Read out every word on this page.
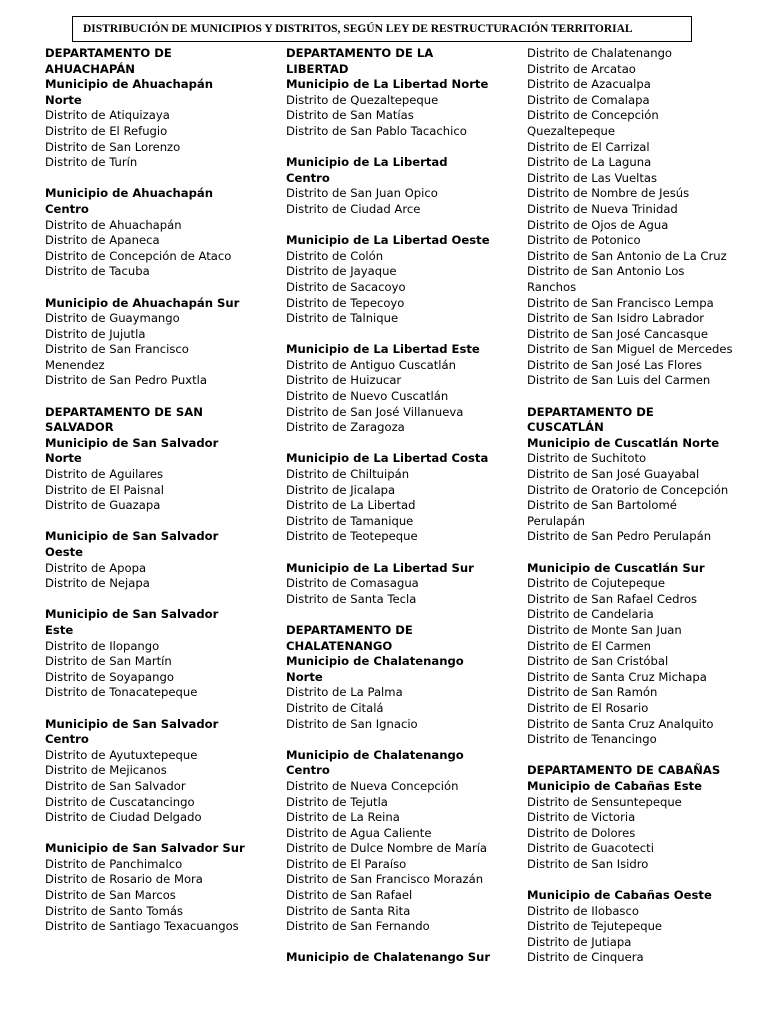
DISTRIBUCIÓN DE MUNICIPIOS Y DISTRITOS, SEGÚN LEY DE RESTRUCTURACIÓN TERRITORIAL
DEPARTAMENTO DE
AHUACHAPÁN
Municipio de Ahuachapán
Norte
Distrito de Atiquizaya
Distrito de El Refugio
Distrito de San Lorenzo
Distrito de Turín
Municipio de Ahuachapán
Centro
Distrito de Ahuachapán
Distrito de Apaneca
Distrito de Concepción de Ataco
Distrito de Tacuba
Municipio de Ahuachapán Sur
Distrito de Guaymango
Distrito de Jujutla
Distrito de San Francisco
Menendez
Distrito de San Pedro Puxtla
DEPARTAMENTO DE SAN
SALVADOR
Municipio de San Salvador
Norte
Distrito de Aguilares
Distrito de El Paisnal
Distrito de Guazapa
Municipio de San Salvador
Oeste
Distrito de Apopa
Distrito de Nejapa
Municipio de San Salvador
Este
Distrito de Ilopango
Distrito de San Martín
Distrito de Soyapango
Distrito de Tonacatepeque
Municipio de San Salvador
Centro
Distrito de Ayutuxtepeque
Distrito de Mejicanos
Distrito de San Salvador
Distrito de Cuscatancingo
Distrito de Ciudad Delgado
Municipio de San Salvador Sur
Distrito de Panchimalco
Distrito de Rosario de Mora
Distrito de San Marcos
Distrito de Santo Tomás
Distrito de Santiago Texacuangos
DEPARTAMENTO DE LA
LIBERTAD
Municipio de La Libertad Norte
Distrito de Quezaltepeque
Distrito de San Matías
Distrito de San Pablo Tacachico
Municipio de La Libertad
Centro
Distrito de San Juan Opico
Distrito de Ciudad Arce
Municipio de La Libertad Oeste
Distrito de Colón
Distrito de Jayaque
Distrito de Sacacoyo
Distrito de Tepecoyo
Distrito de Talnique
Municipio de La Libertad Este
Distrito de Antiguo Cuscatlán
Distrito de Huizucar
Distrito de Nuevo Cuscatlán
Distrito de San José Villanueva
Distrito de Zaragoza
Municipio de La Libertad Costa
Distrito de Chiltuipán
Distrito de Jicalapa
Distrito de La Libertad
Distrito de Tamanique
Distrito de Teotepeque
Municipio de La Libertad Sur
Distrito de Comasagua
Distrito de Santa Tecla
DEPARTAMENTO DE
CHALATENANGO
Municipio de Chalatenango
Norte
Distrito de La Palma
Distrito de Citalá
Distrito de San Ignacio
Municipio de Chalatenango
Centro
Distrito de Nueva Concepción
Distrito de Tejutla
Distrito de La Reina
Distrito de Agua Caliente
Distrito de Dulce Nombre de María
Distrito de El Paraíso
Distrito de San Francisco Morazán
Distrito de San Rafael
Distrito de Santa Rita
Distrito de San Fernando
Municipio de Chalatenango Sur
Distrito de Chalatenango
Distrito de Arcatao
Distrito de Azacualpa
Distrito de Comalapa
Distrito de Concepción
Quezaltepeque
Distrito de El Carrizal
Distrito de La Laguna
Distrito de Las Vueltas
Distrito de Nombre de Jesús
Distrito de Nueva Trinidad
Distrito de Ojos de Agua
Distrito de Potonico
Distrito de San Antonio de La Cruz
Distrito de San Antonio Los
Ranchos
Distrito de San Francisco Lempa
Distrito de San Isidro Labrador
Distrito de San José Cancasque
Distrito de San Miguel de Mercedes
Distrito de San José Las Flores
Distrito de San Luis del Carmen
DEPARTAMENTO DE
CUSCATLÁN
Municipio de Cuscatlán Norte
Distrito de Suchitoto
Distrito de San José Guayabal
Distrito de Oratorio de Concepción
Distrito de San Bartolomé
Perulapán
Distrito de San Pedro Perulapán
Municipio de Cuscatlán Sur
Distrito de Cojutepeque
Distrito de San Rafael Cedros
Distrito de Candelaria
Distrito de Monte San Juan
Distrito de El Carmen
Distrito de San Cristóbal
Distrito de Santa Cruz Michapa
Distrito de San Ramón
Distrito de El Rosario
Distrito de Santa Cruz Analquito
Distrito de Tenancingo
DEPARTAMENTO DE CABAÑAS
Municipio de Cabañas Este
Distrito de Sensuntepeque
Distrito de Victoria
Distrito de Dolores
Distrito de Guacotecti
Distrito de San Isidro
Municipio de Cabañas Oeste
Distrito de Ilobasco
Distrito de Tejutepeque
Distrito de Jutiapa
Distrito de Cinquera
